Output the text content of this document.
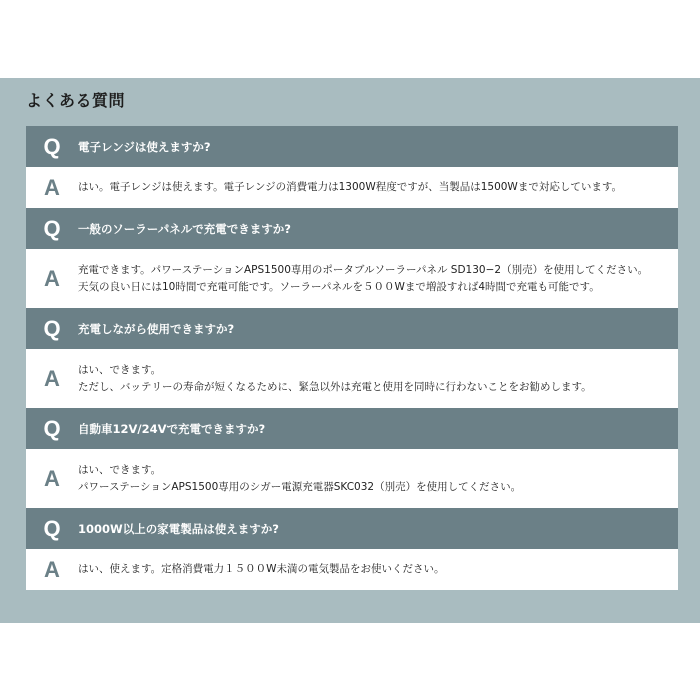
よくある質問
Q	電子レンジは使えますか?
A	はい。電子レンジは使えます。電子レンジの消費電力は1300W程度ですが、当製品は1500Wまで対応しています。
Q	一般のソーラーパネルで充電できますか?
A	充電できます。パワーステーションAPS1500専用のポータブルソーラーパネル SD130−2（別売）を使用してください。
天気の良い日には10時間で充電可能です。ソーラーパネルを５００Wまで増設すれば4時間で充電も可能です。
Q	充電しながら使用できますか?
A	はい、できます。
ただし、バッテリーの寿命が短くなるために、緊急以外は充電と使用を同時に行わないことをお勧めします。
Q	自動車12V/24Vで充電できますか?
A	はい、できます。
パワーステーションAPS1500専用のシガー電源充電器SKC032（別売）を使用してください。
Q	1000W以上の家電製品は使えますか?
A	はい、使えます。定格消費電力１５００W未満の電気製品をお使いください。
